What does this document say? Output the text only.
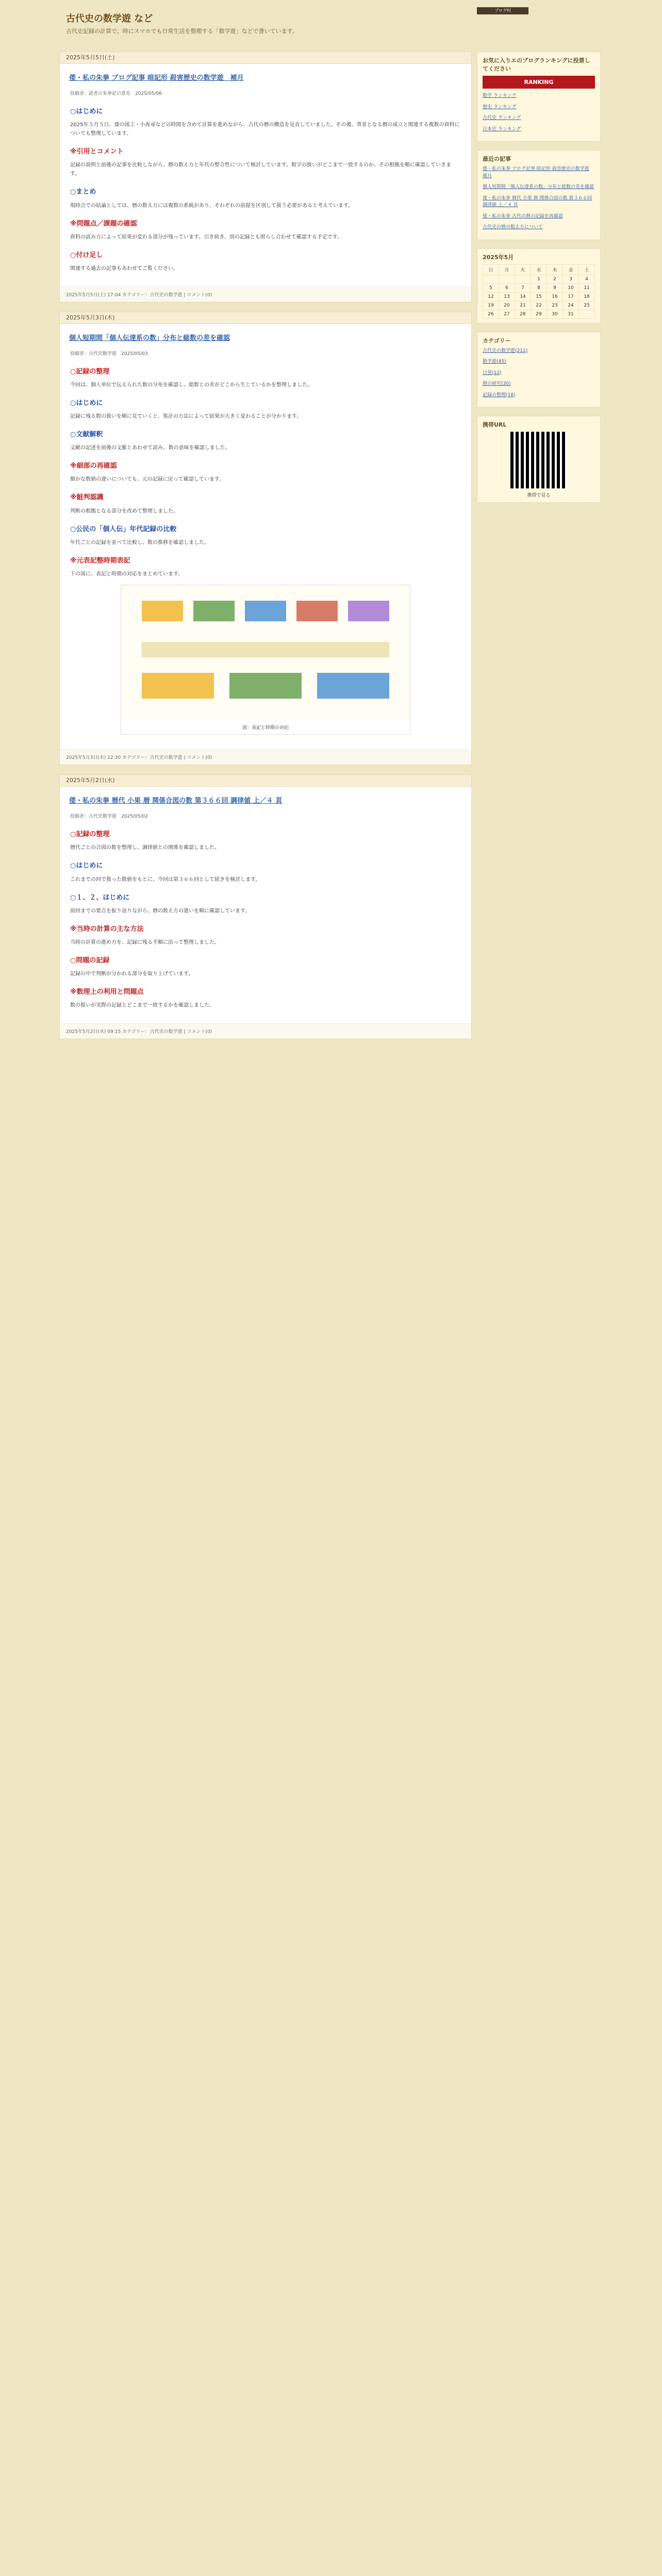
ブログ村
古代史の数学遊 など
古代史記録の計算で、時にスマホでも日常生活を整理する「数学遊」などで書いています。
2025年5月5日(土)
倭・私の朱拳 ブログ記事 暗記形 殺害歴史の数学遊　補月
投稿者：読者の朱拳記の意見　2025/05/06
○はじめに
2025年５月５日、倭の図工・小夜尋などの時間を含めて計算を進めながら、古代の暦の構造を見直していました。その後、背景となる暦の成立と関連する複数の資料についても整理しています。
※引用とコメント
記録の説明と前後の記事を比較しながら、暦の数え方と年代の整合性について検討しています。数字の扱いがどこまで一致するのか、その根拠を順に確認していきます。
○まとめ
現時点での結論としては、暦の数え方には複数の系統があり、それぞれの前提を区別して扱う必要があると考えています。
※問題点／課題の確認
資料の読み方によって結果が変わる部分が残っています。引き続き、別の記録とも照らし合わせて確認する予定です。
○付け足し
関連する過去の記事もあわせてご覧ください。
2025年5月5日(土) 17:04 カテゴリー：古代史の数学遊 | コメント(0)
2025年5月3日(木)
個人短期間「個人伝達系の数」分布と総数の差を確認
投稿者：古代史数学遊　2025/05/03
○記録の整理
今回は、個人単位で伝えられた数の分布を確認し、総数との差がどこから生じているかを整理しました。
○はじめに
記録に残る数の扱いを順に見ていくと、集計の方法によって結果が大きく変わることが分かります。
○文献解釈
文献の記述を前後の文脈とあわせて読み、数の意味を確認しました。
※細部の再確認
細かな数値の違いについても、元の記録に戻って確認しています。
※鮭判認識
判断の根拠となる部分を改めて整理しました。
○公民の「個人伝」年代記録の比較
年代ごとの記録を並べて比較し、数の推移を確認しました。
※元表記整時期表記
下の図に、表記と時期の対応をまとめています。
図：表記と時期の対応
2025年5月3日(木) 12:30 カテゴリー：古代史の数学遊 | コメント(0)
2025年5月2日(水)
倭・私の朱拳 暦代 小果 暦 関係合図の数 第３６６回 調律値 上／４ 頁
投稿者：古代史数学遊　2025/05/02
○記録の整理
暦代ごとの合図の数を整理し、調律値との関係を確認しました。
○はじめに
これまでの回で扱った数値をもとに、今回は第３６６回として続きを検討します。
○１、２、はじめに
前回までの要点を振り返りながら、暦の数え方の違いを順に確認しています。
※当時の計算の主な方法
当時の計算の進め方を、記録に残る手順に沿って整理しました。
○問題の記録
記録の中で判断が分かれる部分を取り上げています。
※数理上の利用と問題点
数の扱いが実際の記録とどこまで一致するかを確認しました。
2025年5月2日(水) 09:15 カテゴリー：古代史の数学遊 | コメント(0)
お気に入りエのブログランキングに投票してください
RANKING
数学 ランキング
歴史 ランキング
古代史 ランキング
日本史 ランキング
最近の記事
倭・私の朱拳 ブログ記事 暗記形 殺害歴史の数学遊 補月
個人短期間「個人伝達系の数」分布と総数の差を確認
倭・私の朱拳 暦代 小果 暦 関係合図の数 第３６６回 調律値 上／４ 頁
倭・私の朱拳 古代の暦の記録を再確認
古代史の暦の数え方について
2025年5月
日	月	火	水	木	金	土
			1	2	3	4
5	6	7	8	9	10	11
12	13	14	15	16	17	18
19	20	21	22	23	24	25
26	27	28	29	30	31	
カテゴリー
古代史の数学遊(211)
数学遊(45)
日常(12)
暦の研究(30)
記録の整理(18)
携帯URL
携帯で見る
